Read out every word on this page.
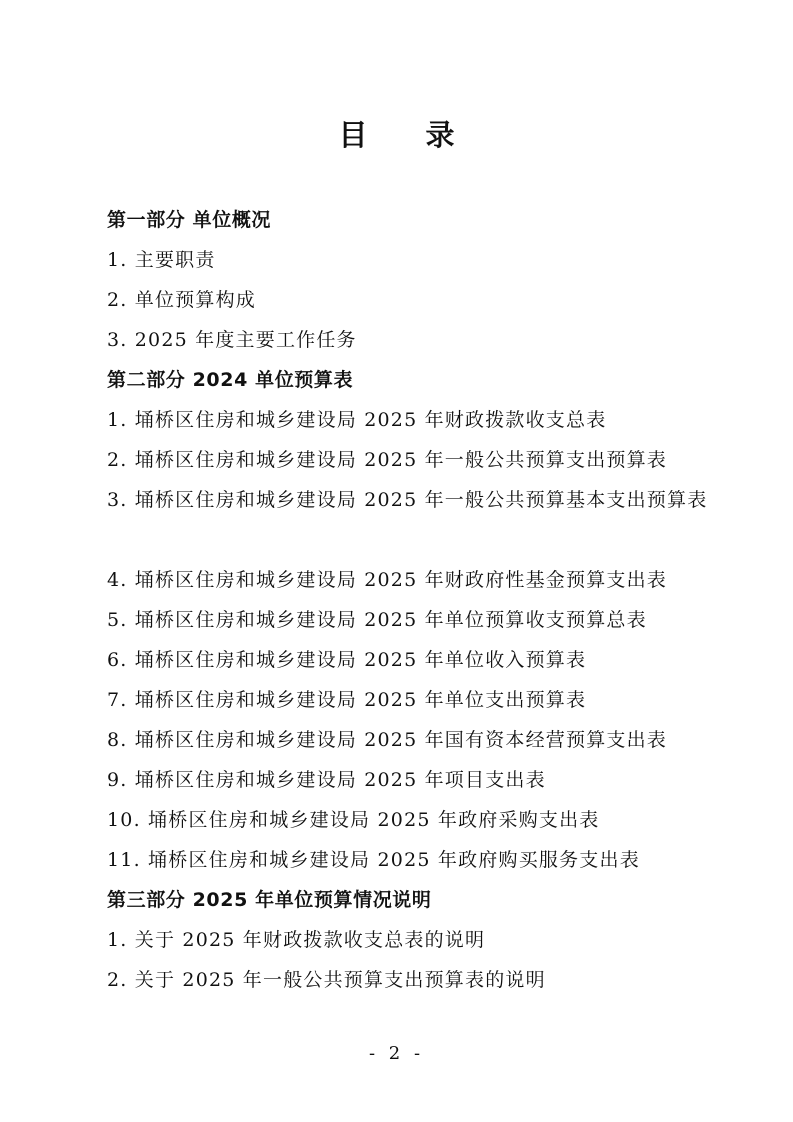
目 录
第一部分 单位概况
1. 主要职责
2. 单位预算构成
3. 2025 年度主要工作任务
第二部分 2024 单位预算表
1. 埇桥区住房和城乡建设局 2025 年财政拨款收支总表
2. 埇桥区住房和城乡建设局 2025 年一般公共预算支出预算表
3. 埇桥区住房和城乡建设局 2025 年一般公共预算基本支出预算表
4. 埇桥区住房和城乡建设局 2025 年财政府性基金预算支出表
5. 埇桥区住房和城乡建设局 2025 年单位预算收支预算总表
6. 埇桥区住房和城乡建设局 2025 年单位收入预算表
7. 埇桥区住房和城乡建设局 2025 年单位支出预算表
8. 埇桥区住房和城乡建设局 2025 年国有资本经营预算支出表
9. 埇桥区住房和城乡建设局 2025 年项目支出表
10. 埇桥区住房和城乡建设局 2025 年政府采购支出表
11. 埇桥区住房和城乡建设局 2025 年政府购买服务支出表
第三部分 2025 年单位预算情况说明
1. 关于 2025 年财政拨款收支总表的说明
2. 关于 2025 年一般公共预算支出预算表的说明
- 2 -
